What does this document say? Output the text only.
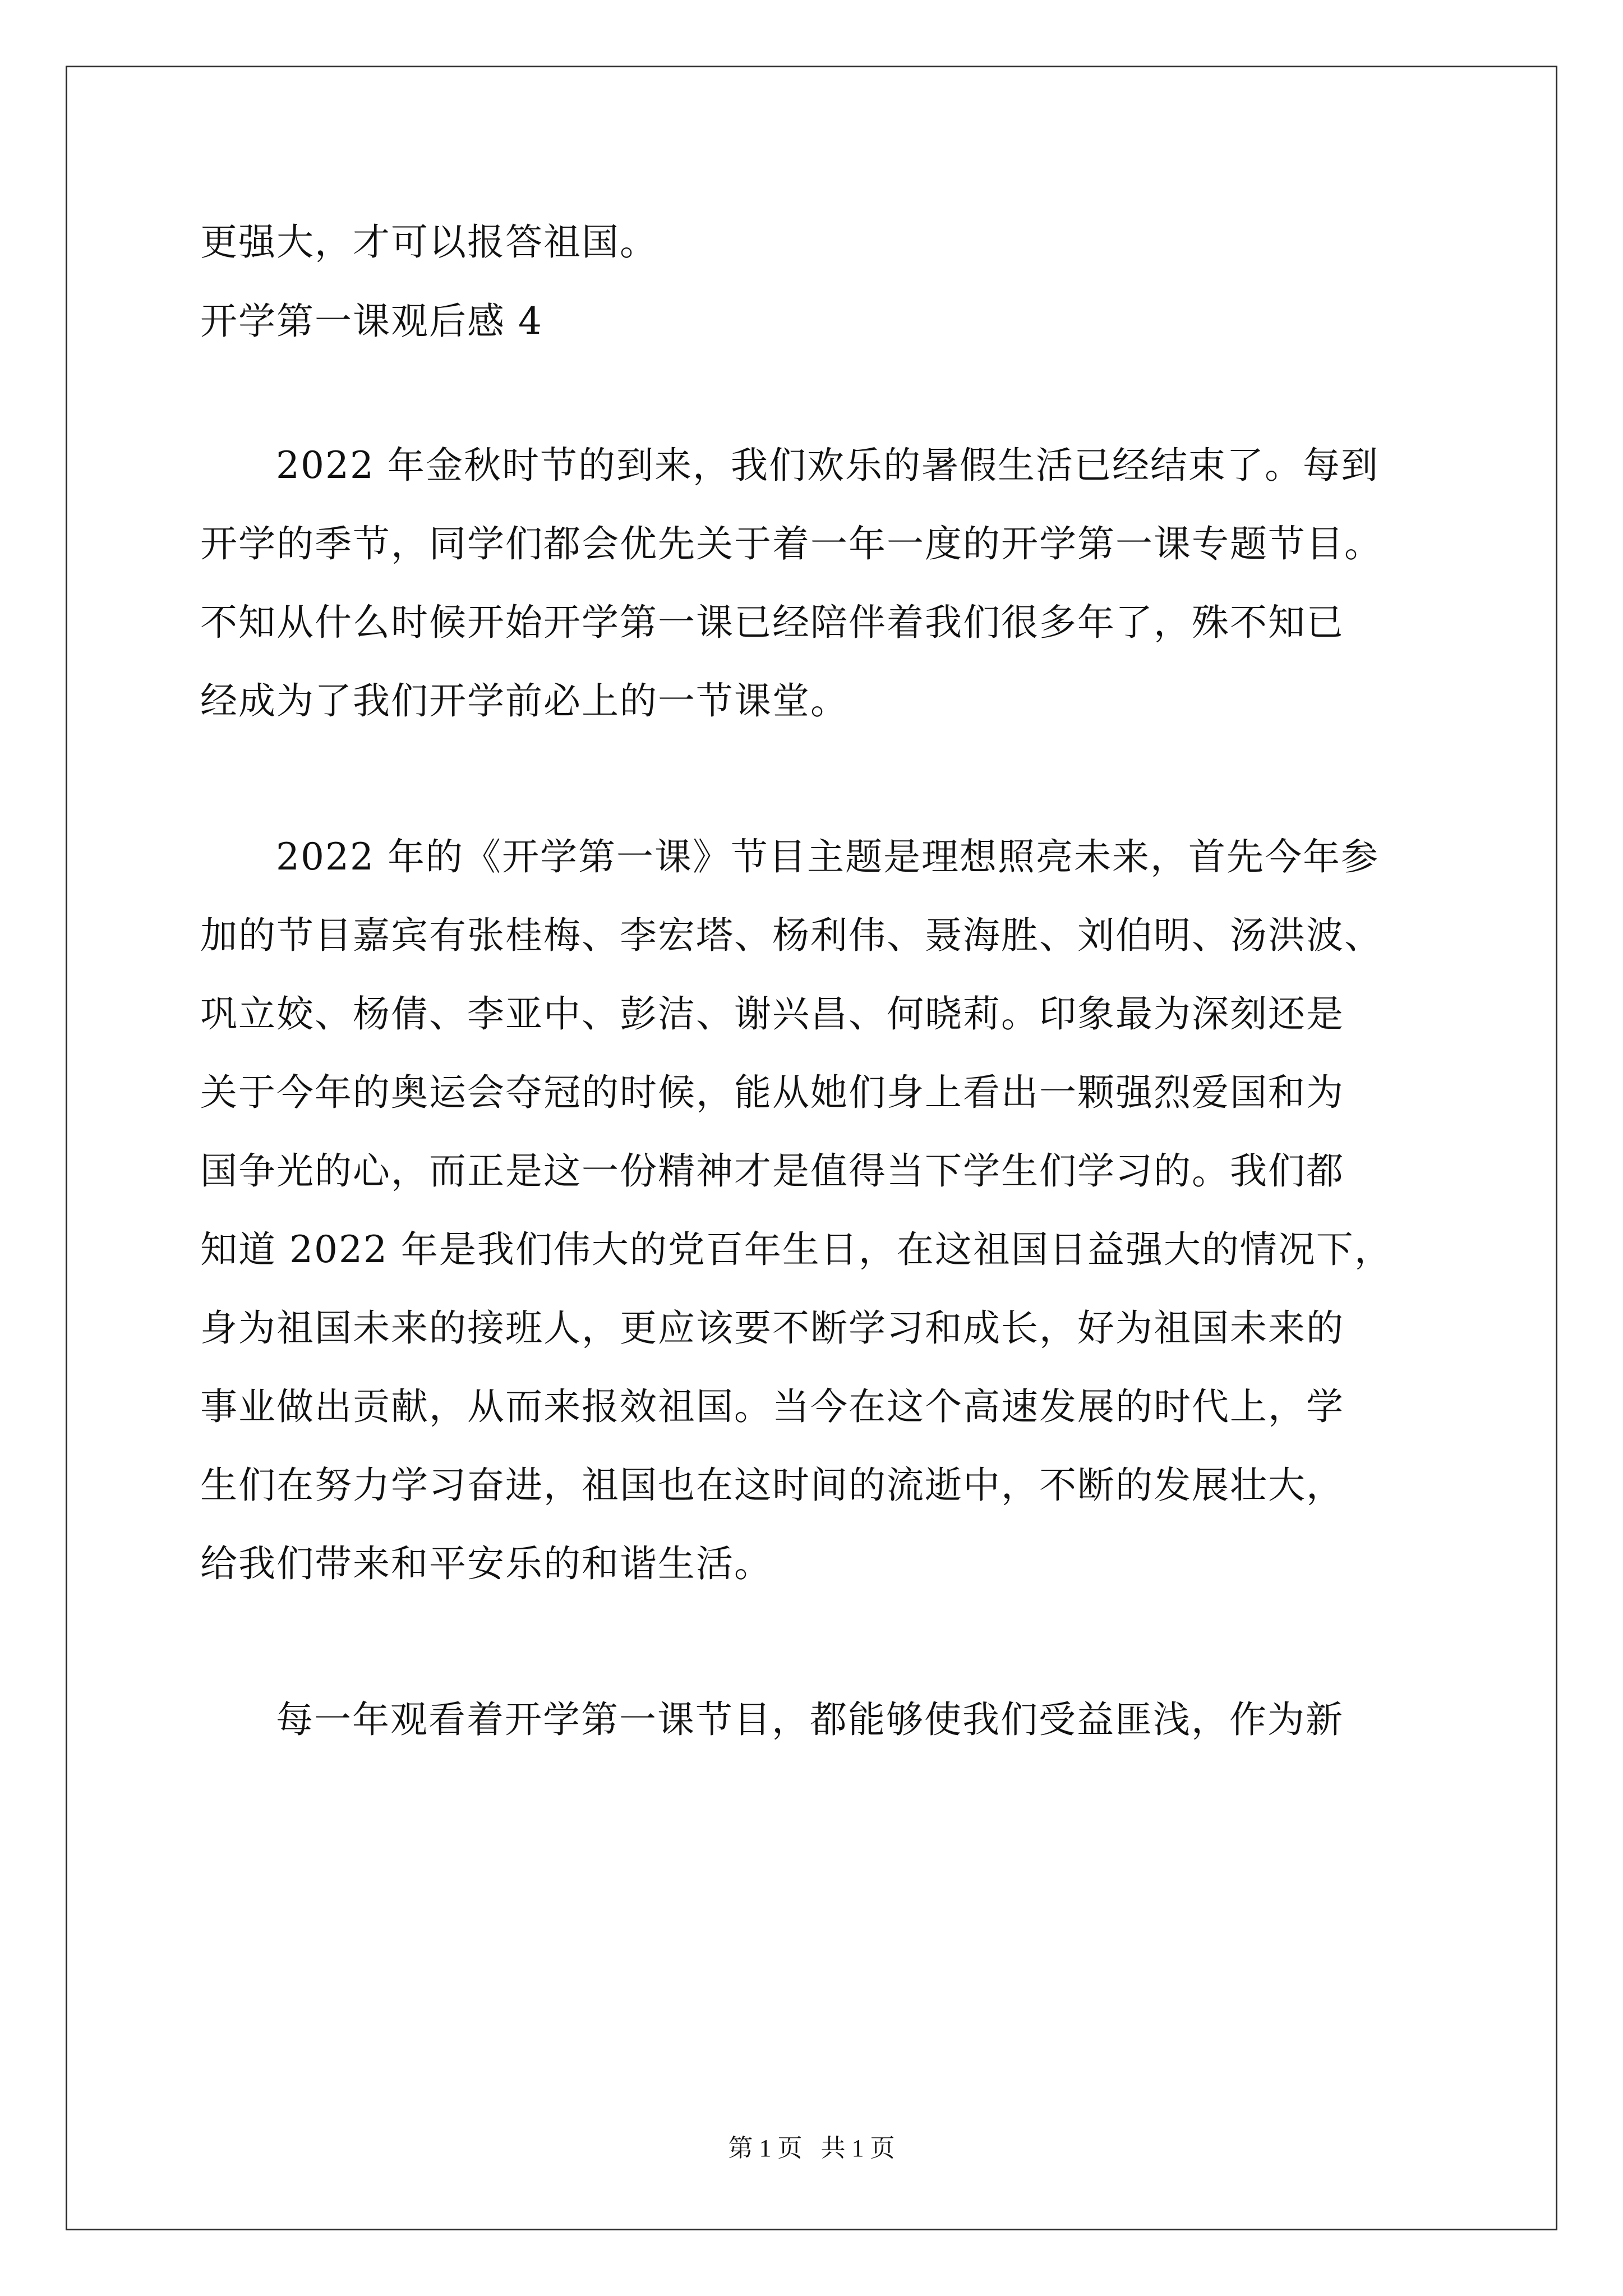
更强大，才可以报答祖国。

开学第一课观后感 4

2022 年金秋时节的到来，我们欢乐的暑假生活已经结束了。每到

开学的季节，同学们都会优先关于着一年一度的开学第一课专题节目。

不知从什么时候开始开学第一课已经陪伴着我们很多年了，殊不知已

经成为了我们开学前必上的一节课堂。

2022 年的《开学第一课》节目主题是理想照亮未来，首先今年参

加的节目嘉宾有张桂梅、李宏塔、杨利伟、聂海胜、刘伯明、汤洪波、

巩立姣、杨倩、李亚中、彭洁、谢兴昌、何晓莉。印象最为深刻还是

关于今年的奥运会夺冠的时候，能从她们身上看出一颗强烈爱国和为

国争光的心，而正是这一份精神才是值得当下学生们学习的。我们都

知道 2022 年是我们伟大的党百年生日，在这祖国日益强大的情况下，

身为祖国未来的接班人，更应该要不断学习和成长，好为祖国未来的

事业做出贡献，从而来报效祖国。当今在这个高速发展的时代上，学

生们在努力学习奋进，祖国也在这时间的流逝中，不断的发展壮大，

给我们带来和平安乐的和谐生活。

每一年观看着开学第一课节目，都能够使我们受益匪浅，作为新

第 1 页   共 1 页
